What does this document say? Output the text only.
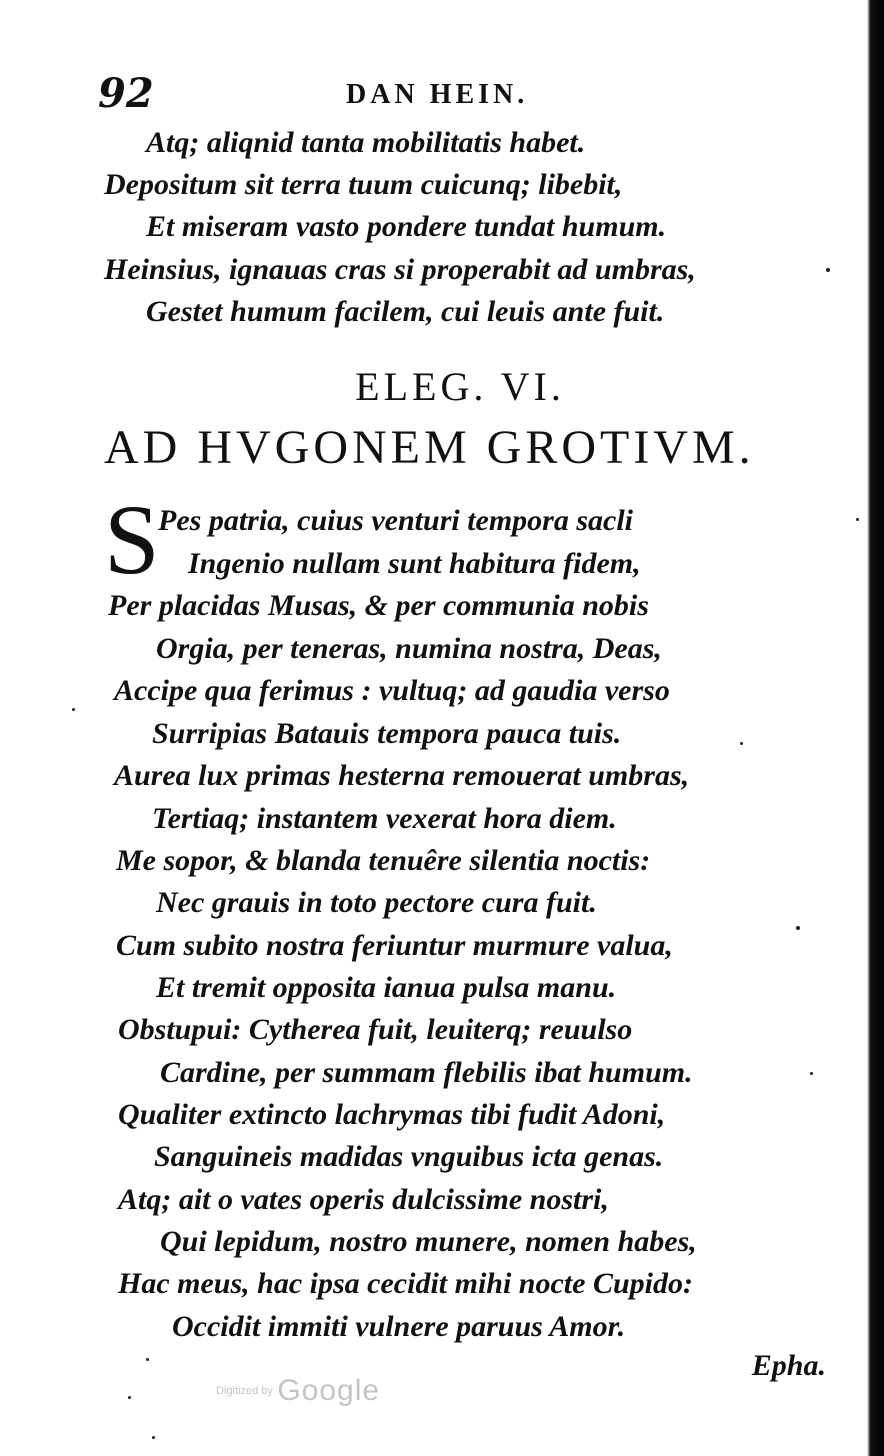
92	DAN HEIN.
Atq; aliqnid tanta mobilitatis habet.
Depositum sit terra tuum cuicunq; libebit,
Et miseram vasto pondere tundat humum.
Heinsius, ignauas cras si properabit ad umbras,
Gestet humum facilem, cui leuis ante fuit.
ELEG. VI.
AD HVGONEM GROTIVM.
S
Pes patria, cuius venturi tempora sacli
Ingenio nullam sunt habitura fidem,
Per placidas Musas, & per communia nobis
Orgia, per teneras, numina nostra, Deas,
Accipe qua ferimus : vultuq; ad gaudia verso
Surripias Batauis tempora pauca tuis.
Aurea lux primas hesterna remouerat umbras,
Tertiaq; instantem vexerat hora diem.
Me sopor, & blanda tenuêre silentia noctis:
Nec grauis in toto pectore cura fuit.
Cum subito nostra feriuntur murmure valua,
Et tremit opposita ianua pulsa manu.
Obstupui: Cytherea fuit, leuiterq; reuulso
Cardine, per summam flebilis ibat humum.
Qualiter extincto lachrymas tibi fudit Adoni,
Sanguineis madidas vnguibus icta genas.
Atq; ait o vates operis dulcissime nostri,
Qui lepidum, nostro munere, nomen habes,
Hac meus, hac ipsa cecidit mihi nocte Cupido:
Occidit immiti vulnere paruus Amor.
Epha.
Digitized by Google
